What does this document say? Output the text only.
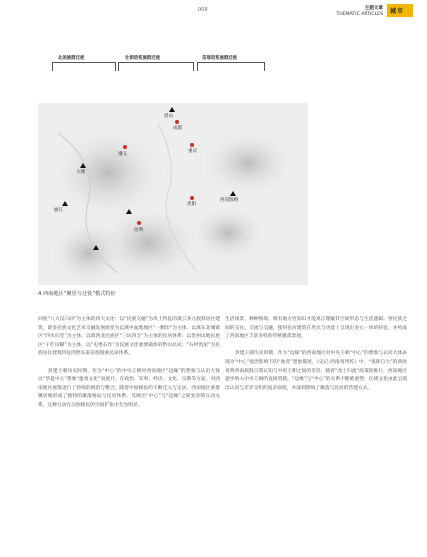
009	主题文章
THEMATIC ARTICLES 城市
北美族群迁徙	壮侗语系族群迁徙	苗瑶语系族群迁徙
眉山
成都
遵义
重庆
大理
贵阳
西双版纳
丽江
昆明
4 西南地区“聚居与迁徙”模式特征

回族“八大汉六回”为主体的四大文化：以“民族交融”为风土特征的滇云多元族群居住建筑，即多民族文化艺术交融发展演变为以滇中盆地地区“一颗印”为主体、以滇东北城镇区“四水归堂”为主体、以滇西北民族区“三坊四合”为主体的民居体系：以贵州山地民族区“干栏吊脚”为主体，以“屯堡石作”为民族文化重要载体的黔山民居；“石材筑屋”为民族居住建筑特征的黔东南苗族侗族民居体系。

封建王朝历史时期，作为“中心”的中央王朝对西南地区“边缘”的想象与认识大体以“华夏中心”想象“蛮夷文化”而展开，在政治、军事、经济、文化、宗教等方面，对西南地区族群进行了持续的统治与整合，随着中原移民的不断迁入与定居，西南地区族群聚居地形成了独特的聚落格局与民居体系，反映出“中心”与“边缘”之间复杂的互动关系，这种互动在汉族移民的空间扩张中尤为明显。

生活场景、种种情境，唯有地方性知识才能真正理解其空间形态与生活逻辑。各民族之间的交往、交流与交融，使得民居建筑在形式与功能上呈现出多元一体的特征，并构成了西南地区丰富多样的传统聚落景观。

封建王朝历史时期，作为“边缘”的西南地区对中央王朝“中心”的想象与认同大体表现为“中心”观念影响下的“他者”想象描述，《史记·西南夷列传》中，“夜郎自大”的典故说明西南族群自我认知与中原王朝之间的差异，随着“改土归流”政策的推行，西南地区逐步纳入中央王朝的直接管辖，“边缘”与“中心”的关系不断被重塑，区域文化由此呈现出认同与差异交织的复杂面貌，并深刻影响了聚落与民居的营建方式。
